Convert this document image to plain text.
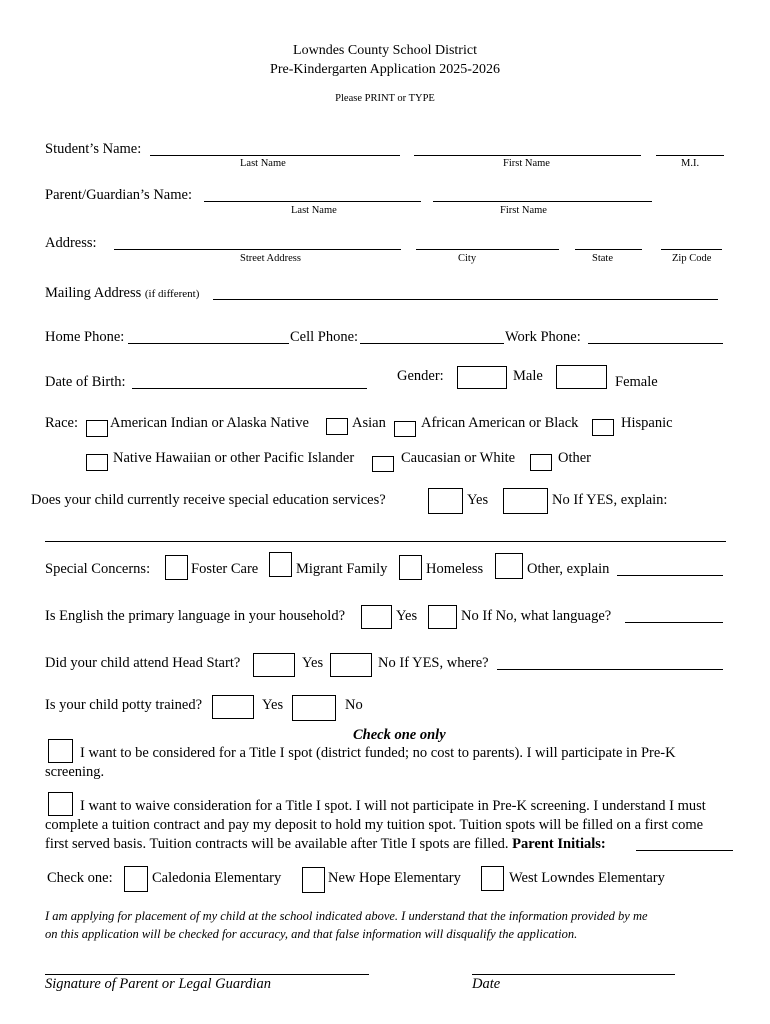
Lowndes County School District
Pre-Kindergarten Application 2025-2026
Please PRINT or TYPE
Student’s Name:
Last Name	First Name	M.I.
Parent/Guardian’s Name:
Last Name	First Name
Address:
Street Address	City	State	Zip Code
Mailing Address (if different)
Home Phone:	Cell Phone:	Work Phone:
Date of Birth:	Gender:	Male	Female
Race: American Indian or Alaska Native	Asian African American or Black	Hispanic
Native Hawaiian or other Pacific Islander	Caucasian or White	Other
Does your child currently receive special education services?	Yes	No If YES, explain:
Special Concerns:	Foster Care	Migrant Family	Homeless	Other, explain
Is English the primary language in your household?	Yes	No If No, what language?
Did your child attend Head Start?	Yes	No If YES, where?
Is your child potty trained?	Yes	No
Check one only
I want to be considered for a Title I spot (district funded; no cost to parents). I will participate in Pre-K
screening.
I want to waive consideration for a Title I spot. I will not participate in Pre-K screening. I understand I must
complete a tuition contract and pay my deposit to hold my tuition spot. Tuition spots will be filled on a first come
first served basis. Tuition contracts will be available after Title I spots are filled. Parent Initials:
Check one:	Caledonia Elementary	New Hope Elementary	West Lowndes Elementary
I am applying for placement of my child at the school indicated above. I understand that the information provided by me
on this application will be checked for accuracy, and that false information will disqualify the application.
Signature of Parent or Legal Guardian	Date
